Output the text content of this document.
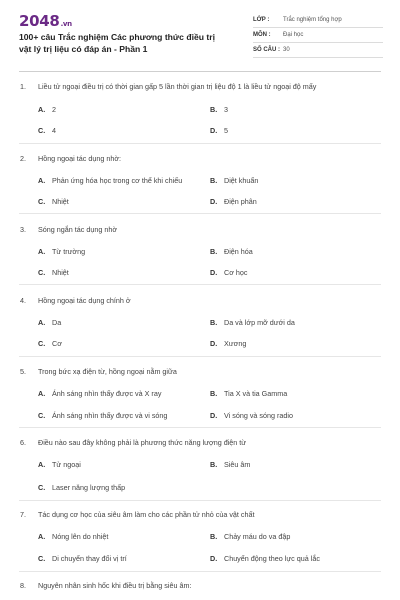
2048.vn
100+ câu Trắc nghiệm Các phương thức điều trị vật lý trị liệu có đáp án - Phần 1
LỚP : Trắc nghiệm tổng hợp
MÔN : Đại học
SỐ CÂU : 30
1. Liều tử ngoại điều trị có thời gian gấp 5 lần thời gian trị liệu độ 1 là liều tử ngoại độ mấy
A. 2	B. 3
C. 4	D. 5
2. Hồng ngoại tác dụng nhờ:
A. Phản ứng hóa học trong cơ thể khi chiếu	B. Diệt khuẩn
C. Nhiệt	D. Điện phân
3. Sóng ngắn tác dụng nhờ
A. Từ trường	B. Điện hóa
C. Nhiệt	D. Cơ học
4. Hồng ngoại tác dụng chính ở
A. Da	B. Da và lớp mỡ dưới da
C. Cơ	D. Xương
5. Trong bức xạ điện từ, hồng ngoại nằm giữa
A. Ánh sáng nhìn thấy được và X ray	B. Tia X và tia Gamma
C. Ánh sáng nhìn thấy được và vi sóng	D. Vi sóng và sóng radio
6. Điều nào sau đây không phải là phương thức năng lượng điện từ
A. Tử ngoại	B. Siêu âm
C. Laser năng lượng thấp
7. Tác dụng cơ học của siêu âm làm cho các phần tử nhỏ của vật chất
A. Nóng lên do nhiệt	B. Chảy máu do va đập
C. Di chuyển thay đổi vị trí	D. Chuyển động theo lực quả lắc
8. Nguyên nhân sinh hốc khi điều trị bằng siêu âm:
